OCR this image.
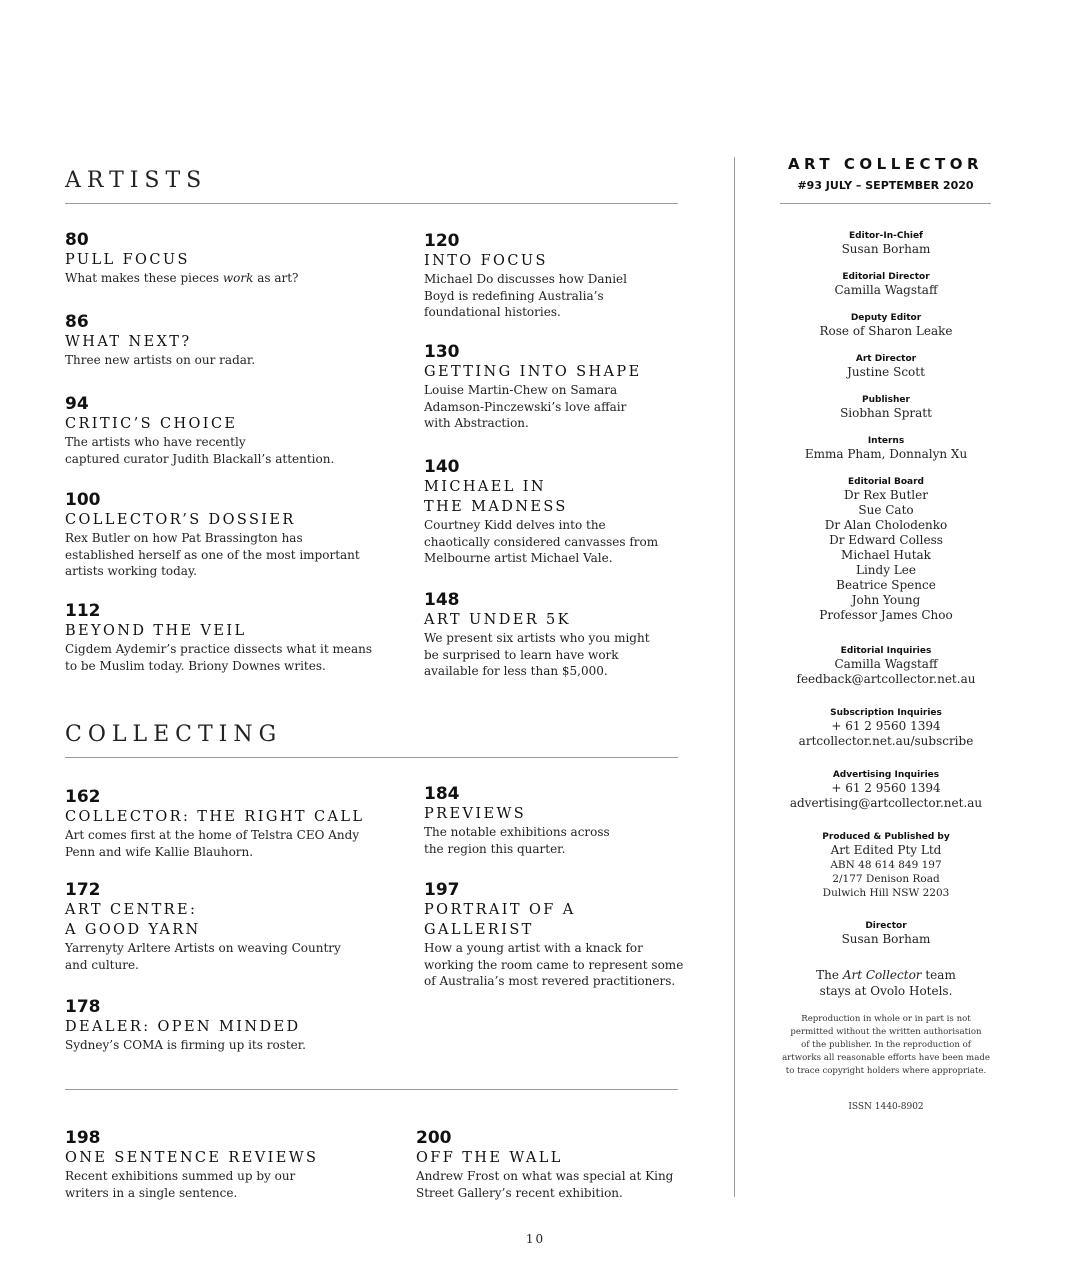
ARTISTS
80
PULL FOCUS
What makes these pieces work as art?
86
WHAT NEXT?
Three new artists on our radar.
94
CRITIC’S CHOICE
The artists who have recently
captured curator Judith Blackall’s attention.
100
COLLECTOR’S DOSSIER
Rex Butler on how Pat Brassington has
established herself as one of the most important
artists working today.
112
BEYOND THE VEIL
Cigdem Aydemir’s practice dissects what it means
to be Muslim today. Briony Downes writes.
120
INTO FOCUS
Michael Do discusses how Daniel
Boyd is redefining Australia’s
foundational histories.
130
GETTING INTO SHAPE
Louise Martin-Chew on Samara
Adamson-Pinczewski’s love affair
with Abstraction.
140
MICHAEL IN
THE MADNESS
Courtney Kidd delves into the
chaotically considered canvasses from
Melbourne artist Michael Vale.
148
ART UNDER 5K
We present six artists who you might
be surprised to learn have work
available for less than $5,000.
COLLECTING
162
COLLECTOR: THE RIGHT CALL
Art comes first at the home of Telstra CEO Andy
Penn and wife Kallie Blauhorn.
172
ART CENTRE:
A GOOD YARN
Yarrenyty Arltere Artists on weaving Country
and culture.
178
DEALER: OPEN MINDED
Sydney’s COMA is firming up its roster.
184
PREVIEWS
The notable exhibitions across
the region this quarter.
197
PORTRAIT OF A
GALLERIST
How a young artist with a knack for
working the room came to represent some
of Australia’s most revered practitioners.
198
ONE SENTENCE REVIEWS
Recent exhibitions summed up by our
writers in a single sentence.
200
OFF THE WALL
Andrew Frost on what was special at King
Street Gallery’s recent exhibition.
ART COLLECTOR
#93 JULY – SEPTEMBER 2020
Editor-In-Chief
Susan Borham
Editorial Director
Camilla Wagstaff
Deputy Editor
Rose of Sharon Leake
Art Director
Justine Scott
Publisher
Siobhan Spratt
Interns
Emma Pham, Donnalyn Xu
Editorial Board
Dr Rex Butler
Sue Cato
Dr Alan Cholodenko
Dr Edward Colless
Michael Hutak
Lindy Lee
Beatrice Spence
John Young
Professor James Choo
Editorial Inquiries
Camilla Wagstaff
feedback@artcollector.net.au
Subscription Inquiries
+ 61 2 9560 1394
artcollector.net.au/subscribe
Advertising Inquiries
+ 61 2 9560 1394
advertising@artcollector.net.au
Produced & Published by
Art Edited Pty Ltd
ABN 48 614 849 197
2/177 Denison Road
Dulwich Hill NSW 2203
Director
Susan Borham
The Art Collector team
stays at Ovolo Hotels.
Reproduction in whole or in part is not
permitted without the written authorisation
of the publisher. In the reproduction of
artworks all reasonable efforts have been made
to trace copyright holders where appropriate.
ISSN 1440-8902
10
